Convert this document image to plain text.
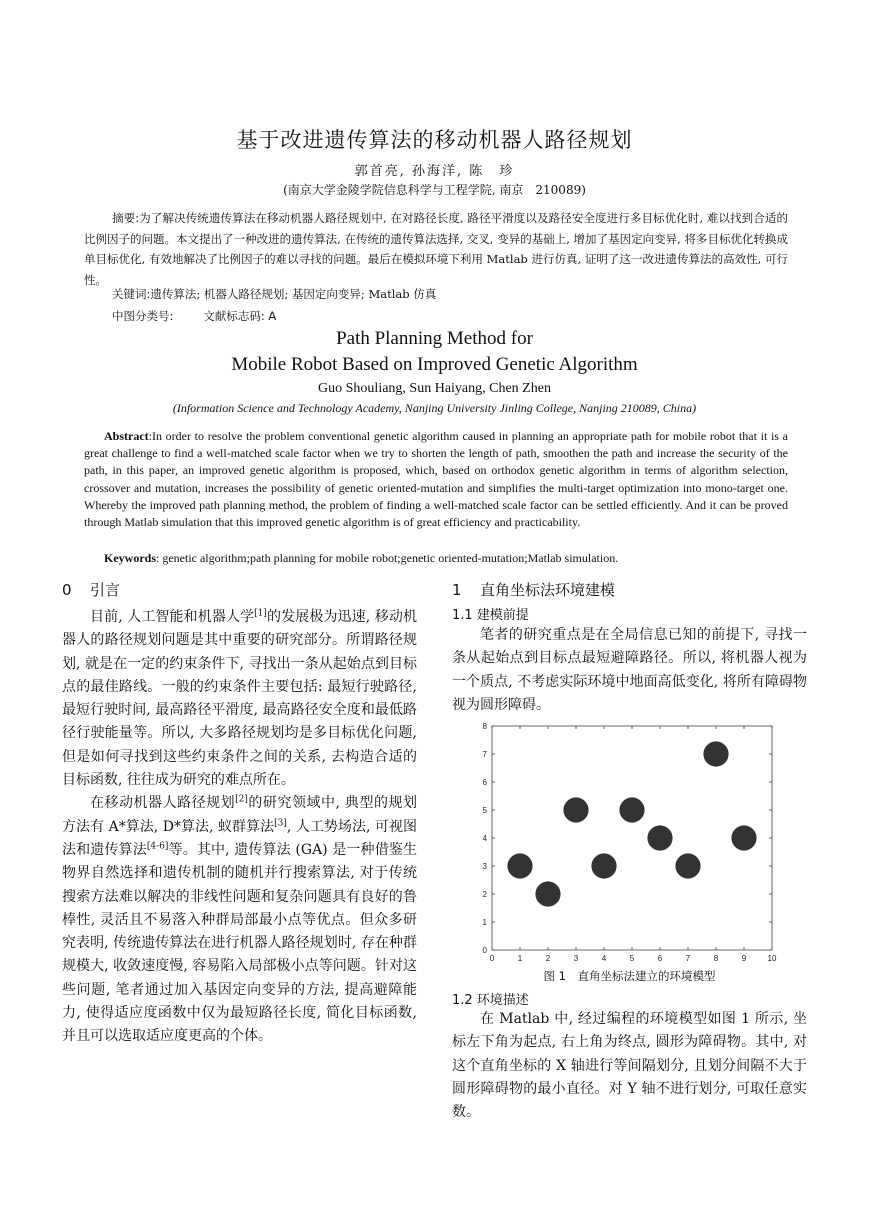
基于改进遗传算法的移动机器人路径规划
郭首亮, 孙海洋, 陈　珍
(南京大学金陵学院信息科学与工程学院, 南京　210089)
摘要:为了解决传统遗传算法在移动机器人路径规划中, 在对路径长度, 路径平滑度以及路径安全度进行多目标优化时, 难以找到合适的比例因子的问题。本文提出了一种改进的遗传算法, 在传统的遗传算法选择, 交叉, 变异的基础上, 增加了基因定向变异, 将多目标优化转换成单目标优化, 有效地解决了比例因子的难以寻找的问题。最后在模拟环境下利用 Matlab 进行仿真, 证明了这一改进遗传算法的高效性, 可行性。
关键词:遗传算法; 机器人路径规划; 基因定向变异; Matlab 仿真
中图分类号:	文献标志码: A
Path Planning Method for
Mobile Robot Based on Improved Genetic Algorithm
Guo Shouliang, Sun Haiyang, Chen Zhen
(Information Science and Technology Academy, Nanjing University Jinling College, Nanjing 210089, China)
Abstract:In order to resolve the problem conventional genetic algorithm caused in planning an appropriate path for mobile robot that it is a great challenge to find a well-matched scale factor when we try to shorten the length of path, smoothen the path and increase the security of the path, in this paper, an improved genetic algorithm is proposed, which, based on orthodox genetic algorithm in terms of algorithm selection, crossover and mutation, increases the possibility of genetic oriented-mutation and simplifies the multi-target optimization into mono-target one. Whereby the improved path planning method, the problem of finding a well-matched scale factor can be settled efficiently. And it can be proved through Matlab simulation that this improved genetic algorithm is of great efficiency and practicability.
Keywords: genetic algorithm;path planning for mobile robot;genetic oriented-mutation;Matlab simulation.
0 引言

目前, 人工智能和机器人学[1]的发展极为迅速, 移动机器人的路径规划问题是其中重要的研究部分。所谓路径规划, 就是在一定的约束条件下, 寻找出一条从起始点到目标点的最佳路线。一般的约束条件主要包括: 最短行驶路径, 最短行驶时间, 最高路径平滑度, 最高路径安全度和最低路径行驶能量等。所以, 大多路径规划均是多目标优化问题, 但是如何寻找到这些约束条件之间的关系, 去构造合适的目标函数, 往往成为研究的难点所在。

在移动机器人路径规划[2]的研究领域中, 典型的规划方法有 A*算法, D*算法, 蚁群算法[3], 人工势场法, 可视图法和遗传算法[4-6]等。其中, 遗传算法 (GA) 是一种借鉴生物界自然选择和遗传机制的随机并行搜索算法, 对于传统搜索方法难以解决的非线性问题和复杂问题具有良好的鲁棒性, 灵活且不易落入种群局部最小点等优点。但众多研究表明, 传统遗传算法在进行机器人路径规划时, 存在种群规模大, 收敛速度慢, 容易陷入局部极小点等问题。针对这些问题, 笔者通过加入基因定向变异的方法, 提高避障能力, 使得适应度函数中仅为最短路径长度, 简化目标函数, 并且可以选取适应度更高的个体。

1 直角坐标法环境建模
1.1 建模前提

笔者的研究重点是在全局信息已知的前提下, 寻找一条从起始点到目标点最短避障路径。所以, 将机器人视为一个质点, 不考虑实际环境中地面高低变化, 将所有障碍物视为圆形障碍。

0	1	2	3	4	5	6	7	8	9	10
0
1
2
3
4
5
6
7
8
图 1　直角坐标法建立的环境模型
1.2 环境描述

在 Matlab 中, 经过编程的环境模型如图 1 所示, 坐标左下角为起点, 右上角为终点, 圆形为障碍物。其中, 对这个直角坐标的 X 轴进行等间隔划分, 且划分间隔不大于圆形障碍物的最小直径。对 Y 轴不进行划分, 可取任意实数。
